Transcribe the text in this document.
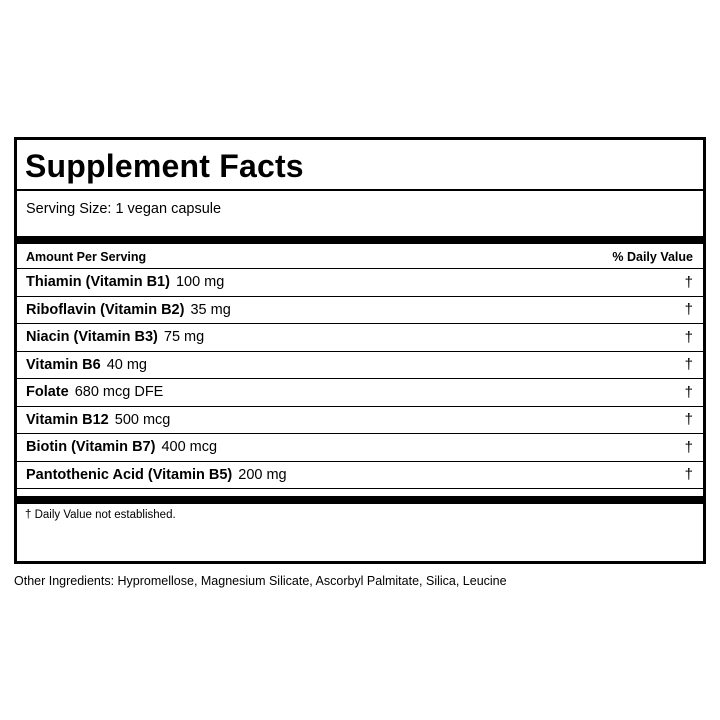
Supplement Facts
Serving Size: 1 vegan capsule
Amount Per Serving	% Daily Value
Thiamin (Vitamin B1) 100 mg	†
Riboflavin (Vitamin B2) 35 mg	†
Niacin (Vitamin B3) 75 mg	†
Vitamin B6 40 mg	†
Folate 680 mcg DFE	†
Vitamin B12 500 mcg	†
Biotin (Vitamin B7) 400 mcg	†
Pantothenic Acid (Vitamin B5) 200 mg	†
† Daily Value not established.
Other Ingredients: Hypromellose, Magnesium Silicate, Ascorbyl Palmitate, Silica, Leucine
